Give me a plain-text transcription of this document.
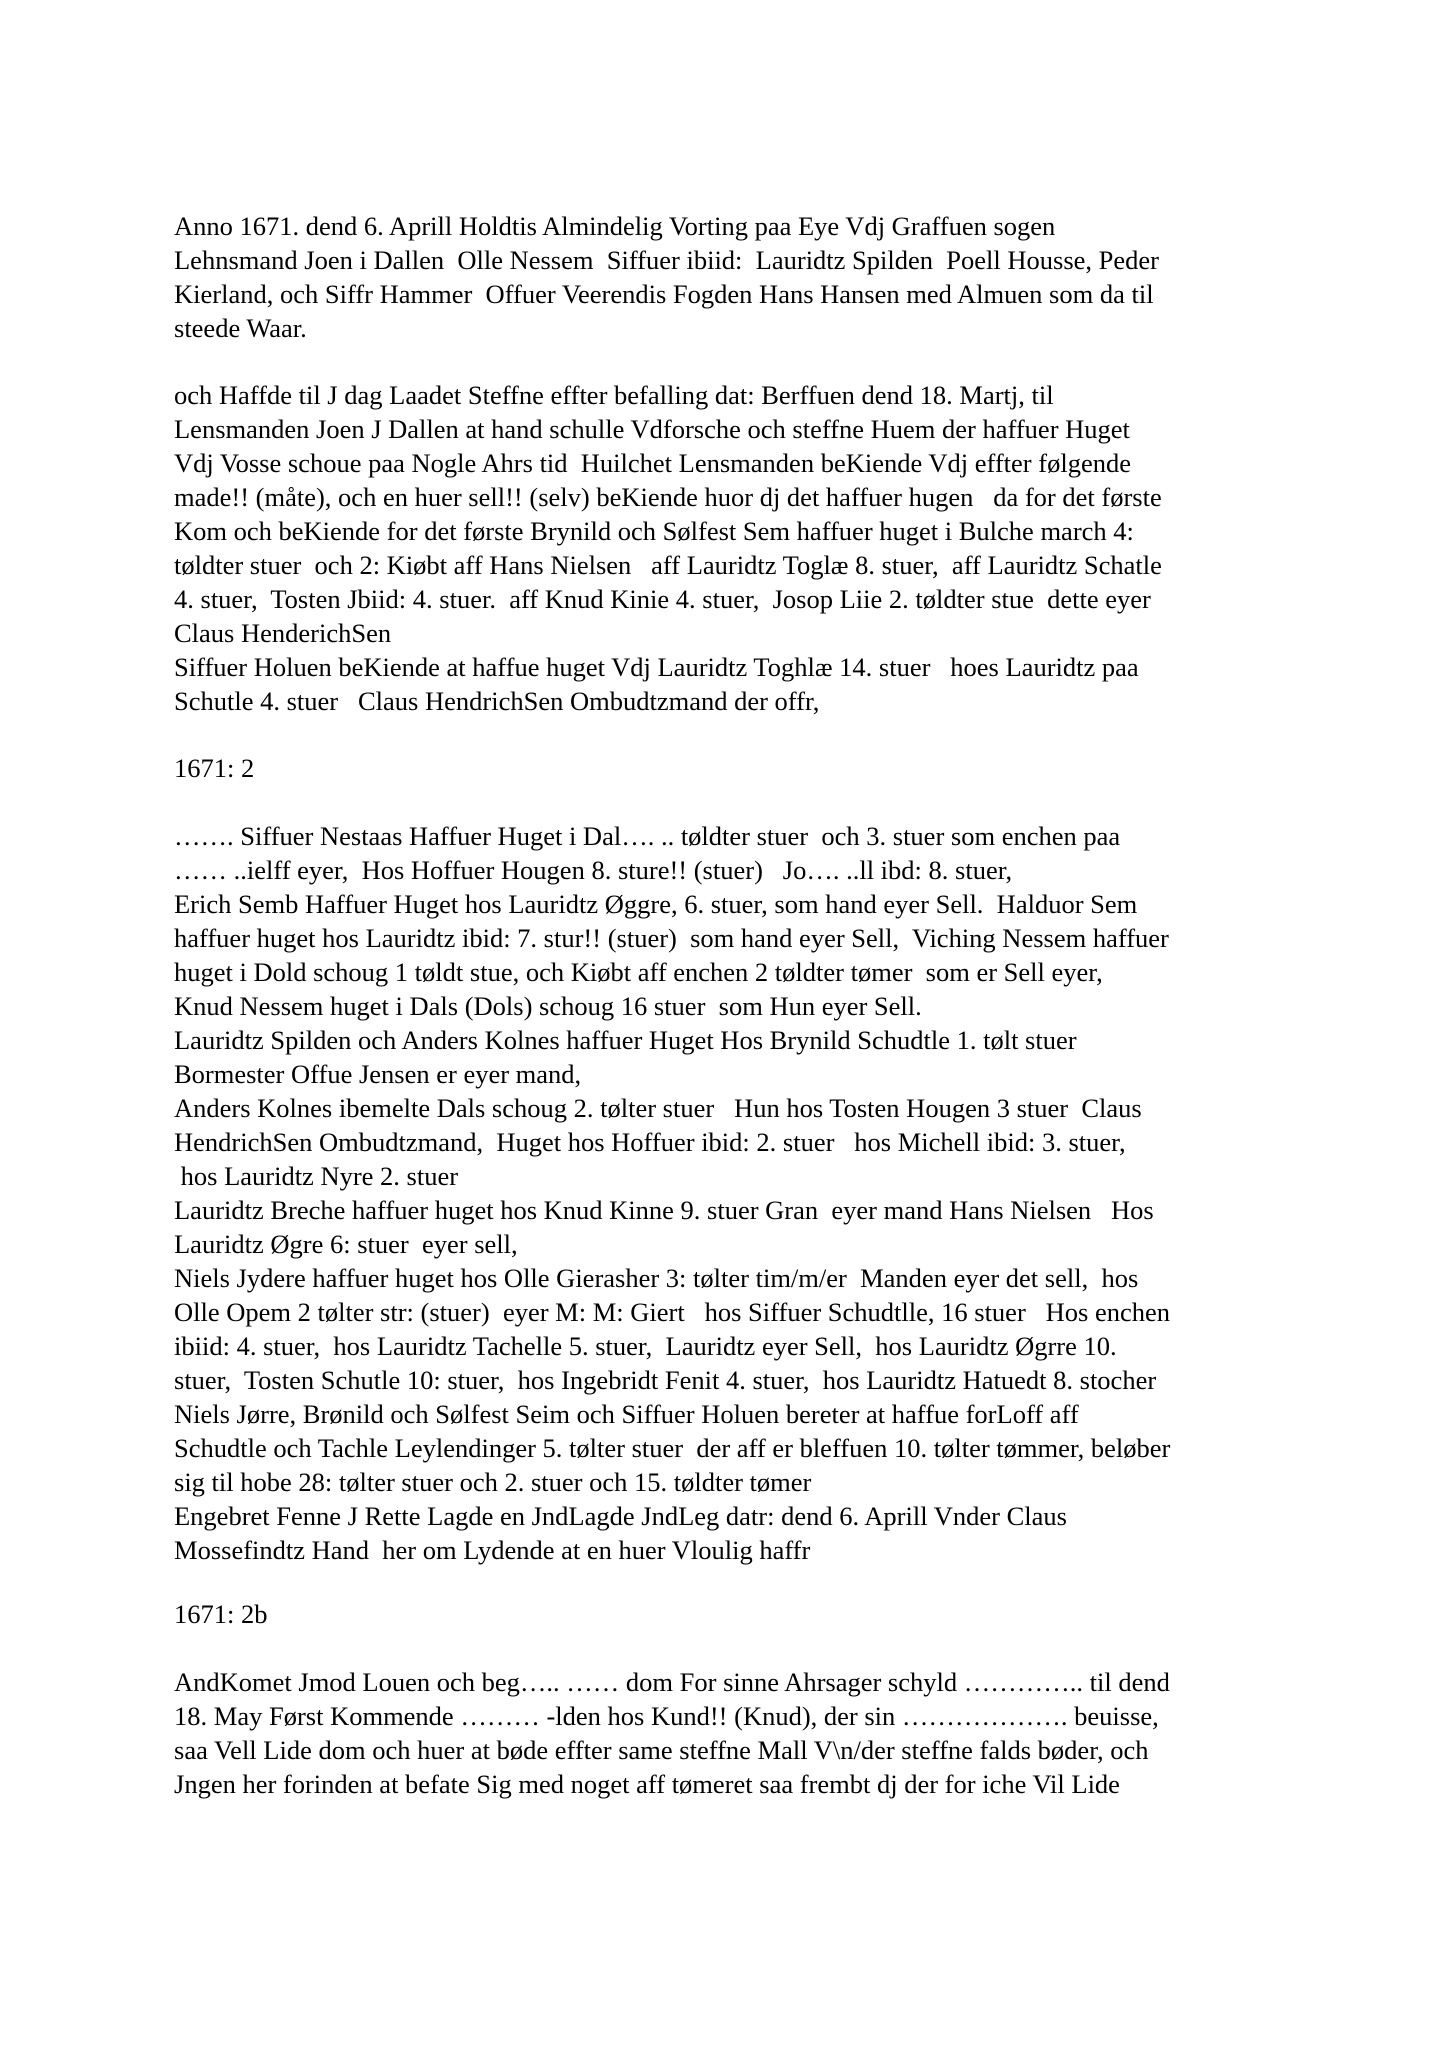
Anno 1671. dend 6. Aprill Holdtis Almindelig Vorting paa Eye Vdj Graffuen sogen
Lehnsmand Joen i Dallen  Olle Nessem  Siffuer ibiid:  Lauridtz Spilden  Poell Housse, Peder
Kierland, och Siffr Hammer  Offuer Veerendis Fogden Hans Hansen med Almuen som da til
steede Waar.
och Haffde til J dag Laadet Steffne effter befalling dat: Berffuen dend 18. Martj, til
Lensmanden Joen J Dallen at hand schulle Vdforsche och steffne Huem der haffuer Huget
Vdj Vosse schoue paa Nogle Ahrs tid  Huilchet Lensmanden beKiende Vdj effter følgende
made!! (måte), och en huer sell!! (selv) beKiende huor dj det haffuer hugen   da for det første
Kom och beKiende for det første Brynild och Sølfest Sem haffuer huget i Bulche march 4:
tøldter stuer  och 2: Kiøbt aff Hans Nielsen   aff Lauridtz Toglæ 8. stuer,  aff Lauridtz Schatle
4. stuer,  Tosten Jbiid: 4. stuer.  aff Knud Kinie 4. stuer,  Josop Liie 2. tøldter stue  dette eyer
Claus HenderichSen
Siffuer Holuen beKiende at haffue huget Vdj Lauridtz Toghlæ 14. stuer   hoes Lauridtz paa
Schutle 4. stuer   Claus HendrichSen Ombudtzmand der offr,
1671: 2
……. Siffuer Nestaas Haffuer Huget i Dal…. .. tøldter stuer  och 3. stuer som enchen paa
…… ..ielff eyer,  Hos Hoffuer Hougen 8. sture!! (stuer)   Jo…. ..ll ibd: 8. stuer,
Erich Semb Haffuer Huget hos Lauridtz Øggre, 6. stuer, som hand eyer Sell.  Halduor Sem
haffuer huget hos Lauridtz ibid: 7. stur!! (stuer)  som hand eyer Sell,  Viching Nessem haffuer
huget i Dold schoug 1 tøldt stue, och Kiøbt aff enchen 2 tøldter tømer  som er Sell eyer,
Knud Nessem huget i Dals (Dols) schoug 16 stuer  som Hun eyer Sell.
Lauridtz Spilden och Anders Kolnes haffuer Huget Hos Brynild Schudtle 1. tølt stuer
Bormester Offue Jensen er eyer mand,
Anders Kolnes ibemelte Dals schoug 2. tølter stuer   Hun hos Tosten Hougen 3 stuer  Claus
HendrichSen Ombudtzmand,  Huget hos Hoffuer ibid: 2. stuer   hos Michell ibid: 3. stuer,
hos Lauridtz Nyre 2. stuer
Lauridtz Breche haffuer huget hos Knud Kinne 9. stuer Gran  eyer mand Hans Nielsen   Hos
Lauridtz Øgre 6: stuer  eyer sell,
Niels Jydere haffuer huget hos Olle Gierasher 3: tølter tim/m/er  Manden eyer det sell,  hos
Olle Opem 2 tølter str: (stuer)  eyer M: M: Giert   hos Siffuer Schudtlle, 16 stuer   Hos enchen
ibiid: 4. stuer,  hos Lauridtz Tachelle 5. stuer,  Lauridtz eyer Sell,  hos Lauridtz Øgrre 10.
stuer,  Tosten Schutle 10: stuer,  hos Ingebridt Fenit 4. stuer,  hos Lauridtz Hatuedt 8. stocher
Niels Jørre, Brønild och Sølfest Seim och Siffuer Holuen bereter at haffue forLoff aff
Schudtle och Tachle Leylendinger 5. tølter stuer  der aff er bleffuen 10. tølter tømmer, beløber
sig til hobe 28: tølter stuer och 2. stuer och 15. tøldter tømer
Engebret Fenne J Rette Lagde en JndLagde JndLeg datr: dend 6. Aprill Vnder Claus
Mossefindtz Hand  her om Lydende at en huer Vloulig haffr
1671: 2b
AndKomet Jmod Louen och beg….. …… dom For sinne Ahrsager schyld ………….. til dend
18. May Først Kommende ……… -lden hos Kund!! (Knud), der sin ………………. beuisse,
saa Vell Lide dom och huer at bøde effter same steffne Mall V\n/der steffne falds bøder, och
Jngen her forinden at befate Sig med noget aff tømeret saa frembt dj der for iche Vil Lide
